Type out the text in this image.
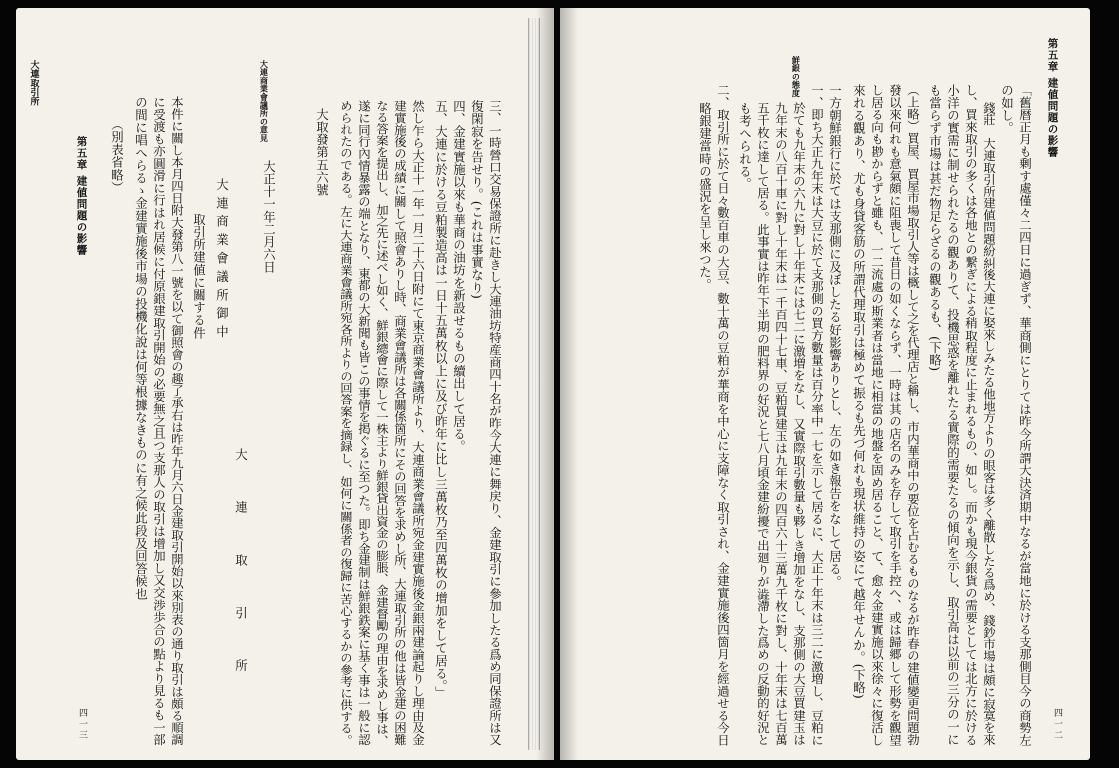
三、一時營口交易保證所に赴きし大連油坊特産商四十名が昨今大連に舞戻り、金建取引に參加したる爲め同保證所は又
復閑寂を告せり。(これは事實なり)
四、金建實施以來も華商の油坊を新設せるもの續出して居る。
五、大連に於ける豆粕製造高は一日十五萬枚以上に及び昨年に比し三萬枚乃至四萬枚の增加をして居る。」
然し乍ら大正十一年一月二十六日附にて東京商業會議所より、大連商業會議所宛金建實施後金銀兩建論起りし理由及金
建實施後の成績に關して照會ありし時、商業會議所は各關係箇所にその回答を求めし所、大連取引所の他は皆金建の困難
なる答案を提出し、加之先に述べし如く、鮮銀總會に際して一株主より鮮銀貸出資金の膨脹、金建督勵の理由を求めし事は、
遂に同行內情暴露の端となり、東都の大新聞も皆この事情を掲ぐるに至つた。即ち金建制は鮮銀鉄案に基く事は一般に認
められたのである。左に大連商業會議所宛各所よりの回答案を摘録し、如何に關係者の復歸に苦心するかの參考に供する。
大取發第五六號
大　連　取　引　所
大正十一年二月六日
大連商業會議所御中
取引所建値に關する件
本件に關し本月四日附大發第八一號を以て御照會の趣了承右は昨年九月六日金建取引開始以來別表の通り取引は頗る順調
に受渡も亦圓滑に行はれ居候に付原銀建取引開始の必要無之且つ支那人の取引は增加し又交渉歩合の點より見るも一部
の間に唱へらるゝ金建實施後市場の投機化說は何等根據なきものに有之候此段及回答候也
（別表省略）
大連商業會議所の意見
大連取引所
第五章 建値問題の影響
四一三
第五章 建値問題の影響
四一二
鮮銀の態度
「舊暦正月も剰す處僅々二四日に過ぎず、華商側にとりては昨今所謂大決済期中なるが當地に於ける支那側目今の商勢左
の如し。
錢莊　大連取引所建値問題紛糾後大連に娶來しみたる他地方よりの眼客は多く離散したる爲め、錢鈔市場は頗に寂寞を來
し、買來取引の多くは各地との繋ぎによる稍取程度に止まれるもの、如し。而かも現今銀貨の需要としては北方に於ける
小洋の實需に制せられたるの觀ありて、投機思惑を離れたる實際的需要たるの傾向を示し、取引高は以前の三分の一に
も當らず市場は甚だ物足らざるの觀あるも、(下略)
（上略）買屋、買屋市場取引人等は概して之を代理店と稱し、市内華商中の要位を占むるものなるが昨春の建値變更問題勃
發以來何れも意氣頗に阻喪して昔日の如くならず、一時は其の店名のみを存して取引を手控へ、或は歸郷して形勢を觀望
し居る向も尠からずと雖も、一二流處の斯業者は當地に相當の地盤を固め居ること、て、愈々金建實施以來徐々に復活し
來れる觀あり、尤も身貸客筋の所謂代理取引は極めて振るも先づ何れも現状維持の姿にて越年せんか。(下略)
一方朝鮮銀行に於ては支那側に及ぼしたる好影響ありとし、左の如き報告をなして居る。
一、即ち大正九年末は大豆に於て支那側の買方數量は百分率中一七を示して居るに、大正十年末は三二に激増し、豆粕に
於ても九年末の六九に對し十年末には七二に激増をなし、又實際取引數量も夥しき增加をなし、支那側の大豆買建玉は
九年末の八百十車に對し十年末は一千百四十七車、豆粕買建玉は九年末の四百六十三萬九千枚に對し、十年末は七百萬
五千枚に達して居る。此事實は昨年下半期の肥料界の好況と七八月頃金建紛擾で出廻りが澁滯した爲めの反動的好況と
も考へられる。
二、取引所に於て日々數百車の大豆、數十萬の豆粕が華商を中心に支障なく取引され、金建實施後四箇月を經過せる今日
略銀建當時の盛況を呈し來つた。
